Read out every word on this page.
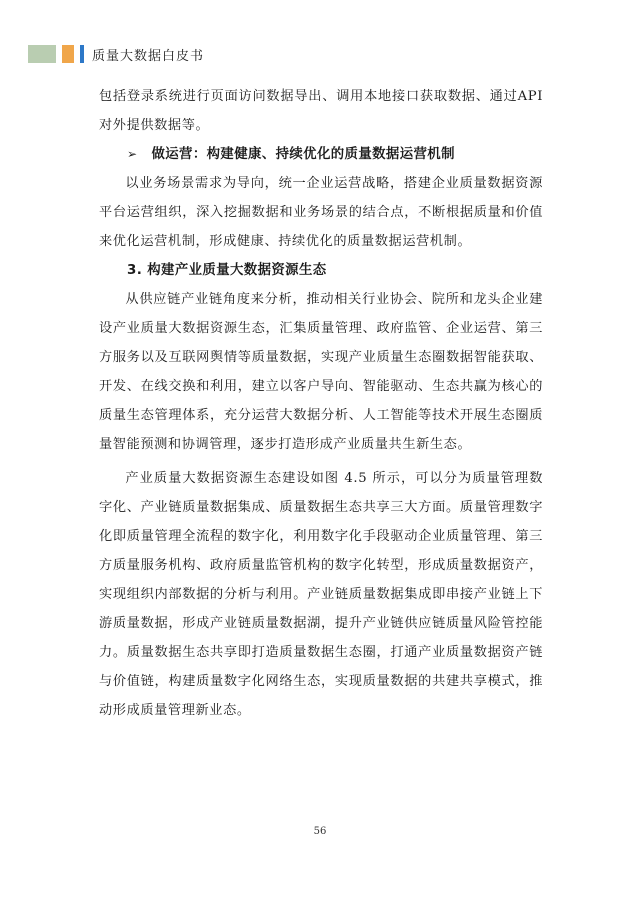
质量大数据白皮书

包括登录系统进行页面访问数据导出、调用本地接口获取数据、通过API 对外提供数据等。

➢ 做运营：构建健康、持续优化的质量数据运营机制

以业务场景需求为导向，统一企业运营战略，搭建企业质量数据资源平台运营组织，深入挖掘数据和业务场景的结合点，不断根据质量和价值来优化运营机制，形成健康、持续优化的质量数据运营机制。

3. 构建产业质量大数据资源生态

从供应链产业链角度来分析，推动相关行业协会、院所和龙头企业建设产业质量大数据资源生态，汇集质量管理、政府监管、企业运营、第三方服务以及互联网舆情等质量数据，实现产业质量生态圈数据智能获取、开发、在线交换和利用，建立以客户导向、智能驱动、生态共赢为核心的质量生态管理体系，充分运营大数据分析、人工智能等技术开展生态圈质量智能预测和协调管理，逐步打造形成产业质量共生新生态。

产业质量大数据资源生态建设如图 4.5 所示，可以分为质量管理数字化、产业链质量数据集成、质量数据生态共享三大方面。质量管理数字化即质量管理全流程的数字化，利用数字化手段驱动企业质量管理、第三方质量服务机构、政府质量监管机构的数字化转型，形成质量数据资产，实现组织内部数据的分析与利用。产业链质量数据集成即串接产业链上下游质量数据，形成产业链质量数据湖，提升产业链供应链质量风险管控能力。质量数据生态共享即打造质量数据生态圈，打通产业质量数据资产链与价值链，构建质量数字化网络生态，实现质量数据的共建共享模式，推动形成质量管理新业态。

56
